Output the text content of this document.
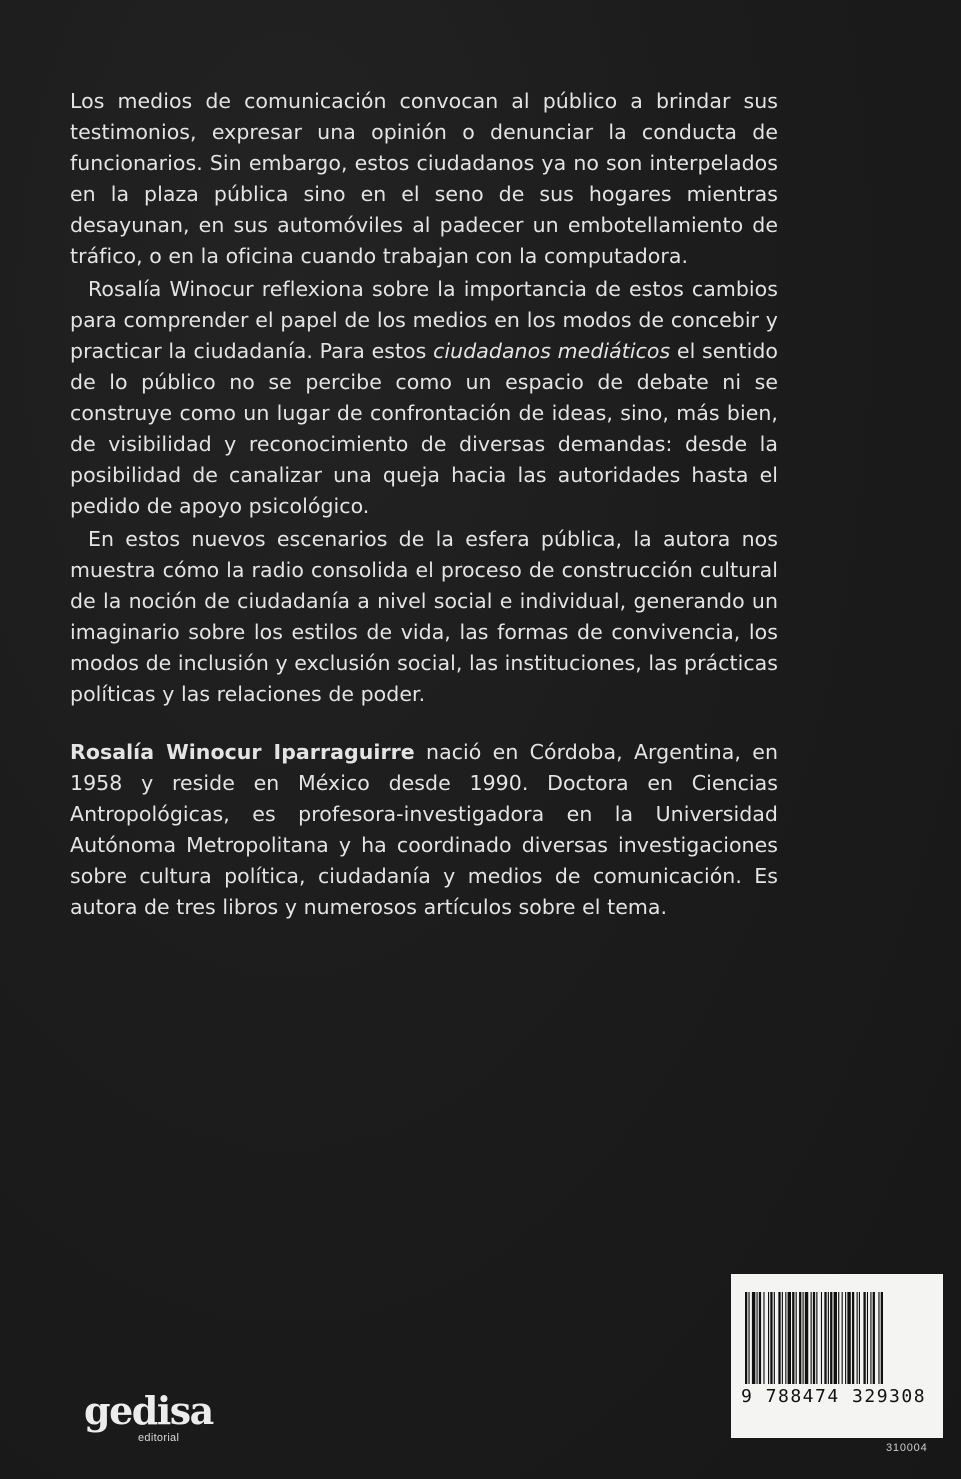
Los medios de comunicación convocan al público a brindar sus testimonios, expresar una opinión o denunciar la conducta de funcionarios. Sin embargo, estos ciudadanos ya no son interpelados en la plaza pública sino en el seno de sus hogares mientras desayunan, en sus automóviles al padecer un embotellamiento de tráfico, o en la oficina cuando trabajan con la computadora.

Rosalía Winocur reflexiona sobre la importancia de estos cambios para comprender el papel de los medios en los modos de concebir y practicar la ciudadanía. Para estos ciudadanos mediáticos el sentido de lo público no se percibe como un espacio de debate ni se construye como un lugar de confrontación de ideas, sino, más bien, de visibilidad y reconocimiento de diversas demandas: desde la posibilidad de canalizar una queja hacia las autoridades hasta el pedido de apoyo psicológico.

En estos nuevos escenarios de la esfera pública, la autora nos muestra cómo la radio consolida el proceso de construcción cultural de la noción de ciudadanía a nivel social e individual, generando un imaginario sobre los estilos de vida, las formas de convivencia, los modos de inclusión y exclusión social, las instituciones, las prácticas políticas y las relaciones de poder.

Rosalía Winocur Iparraguirre nació en Córdoba, Argentina, en 1958 y reside en México desde 1990. Doctora en Ciencias Antropológicas, es profesora-investigadora en la Universidad Autónoma Metropolitana y ha coordinado diversas investigaciones sobre cultura política, ciudadanía y medios de comunicación. Es autora de tres libros y numerosos artículos sobre el tema.

9 788474 329308
gedisa
editorial
310004
